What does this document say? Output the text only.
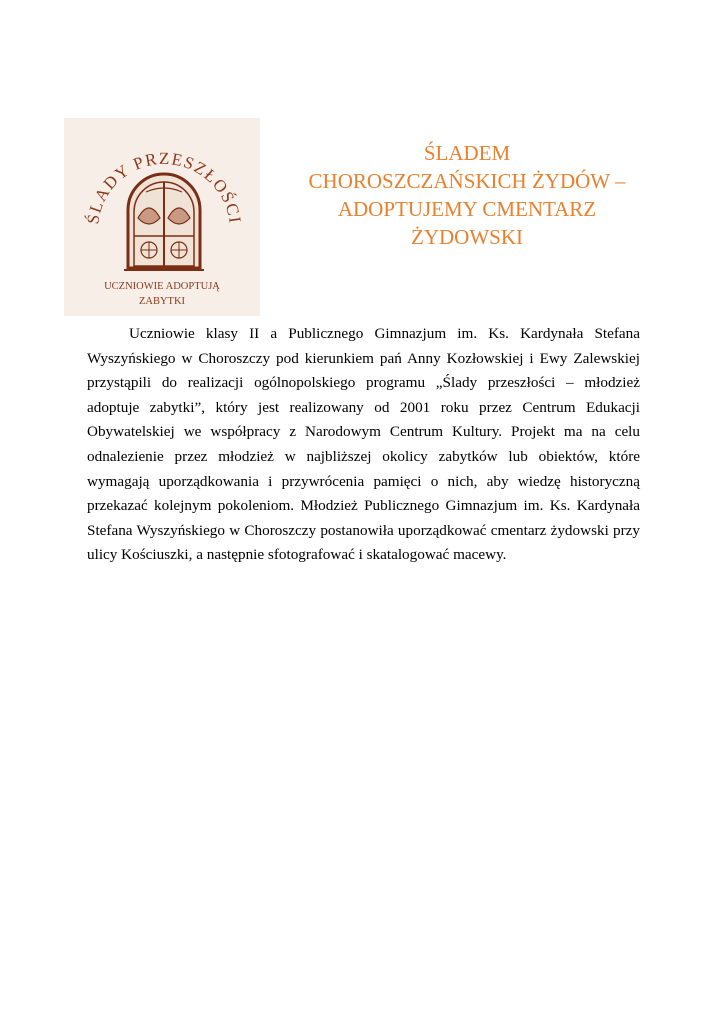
ŚLADY PRZESZŁOŚCI
UCZNIOWIE ADOPTUJĄ
ZABYTKI
ŚLADEM
CHOROSZCZAŃSKICH ŻYDÓW –
ADOPTUJEMY CMENTARZ
ŻYDOWSKI

Uczniowie klasy II a Publicznego Gimnazjum im. Ks. Kardynała Stefana Wyszyńskiego w Choroszczy pod kierunkiem pań Anny Kozłowskiej i Ewy Zalewskiej przystąpili do realizacji ogólnopolskiego programu „Ślady przeszłości – młodzież adoptuje zabytki”, który jest realizowany od 2001 roku przez Centrum Edukacji Obywatelskiej we współpracy z Narodowym Centrum Kultury. Projekt ma na celu odnalezienie przez młodzież w najbliższej okolicy zabytków lub obiektów, które wymagają uporządkowania i przywrócenia pamięci o nich, aby wiedzę historyczną przekazać kolejnym pokoleniom. Młodzież Publicznego Gimnazjum im. Ks. Kardynała Stefana Wyszyńskiego w Choroszczy postanowiła uporządkować cmentarz żydowski przy ulicy Kościuszki, a następnie sfotografować i skatalogować macewy.
